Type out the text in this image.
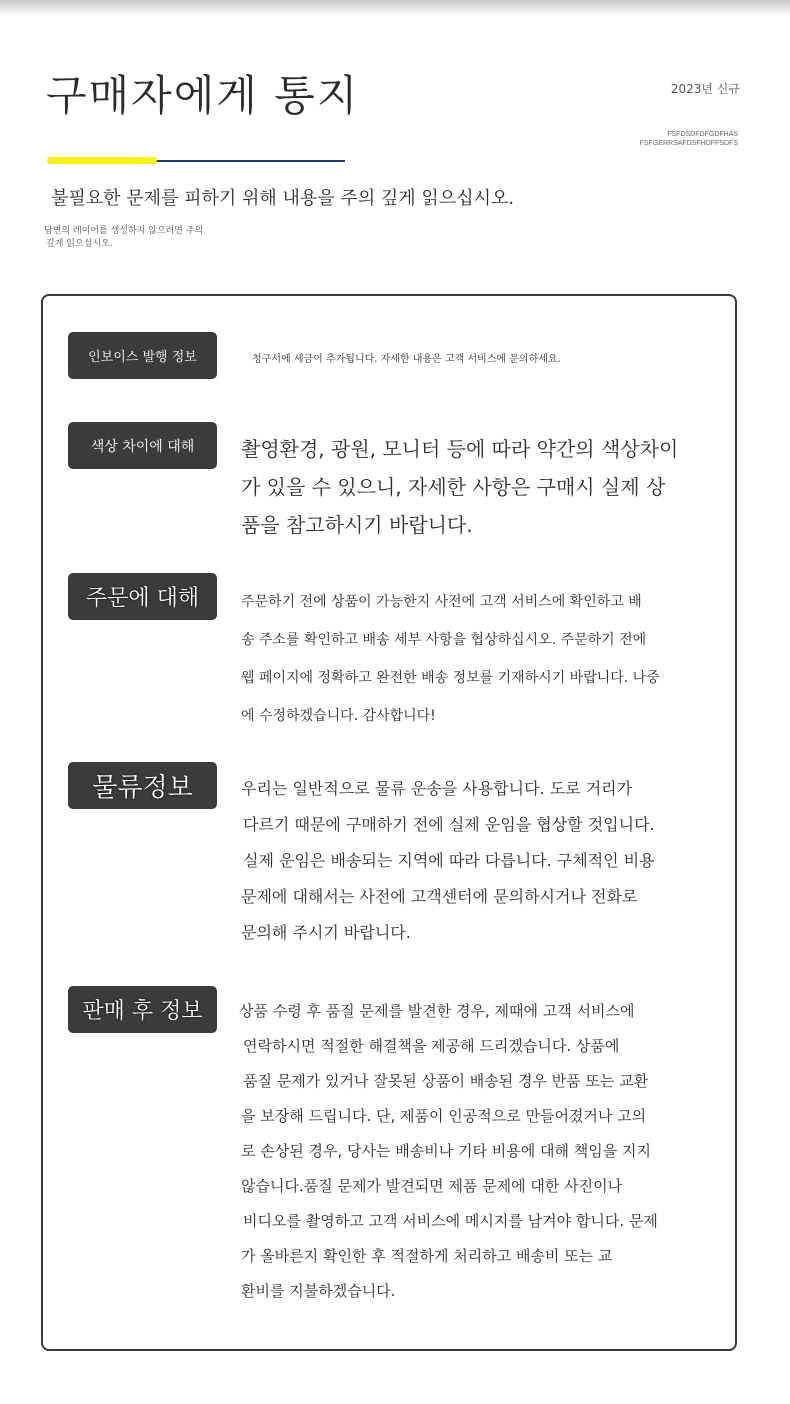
구매자에게 통지	2023년 신규
FSFDSDFDFGDFHAS
FSFGERRSAFDSFHDFFSDFS
불필요한 문제를 피하기 위해 내용을 주의 깊게 읽으십시오.
답변의 레이어를 생성하지 않으려면 주의
깊게 읽으십시오.
인보이스 발행 정보	청구서에 세금이 추가됩니다. 자세한 내용은 고객 서비스에 문의하세요.
색상 차이에 대해	촬영환경, 광원, 모니터 등에 따라 약간의 색상차이
가 있을 수 있으니, 자세한 사항은 구매시 실제 상
품을 참고하시기 바랍니다.
주문에 대해	주문하기 전에 상품이 가능한지 사전에 고객 서비스에 확인하고 배
송 주소를 확인하고 배송 세부 사항을 협상하십시오. 주문하기 전에
웹 페이지에 정확하고 완전한 배송 정보를 기재하시기 바랍니다. 나중
에 수정하겠습니다. 감사합니다!
물류정보	우리는 일반적으로 물류 운송을 사용합니다. 도로 거리가
다르기 때문에 구매하기 전에 실제 운임을 협상할 것입니다.
실제 운임은 배송되는 지역에 따라 다릅니다. 구체적인 비용
문제에 대해서는 사전에 고객센터에 문의하시거나 전화로
문의해 주시기 바랍니다.
판매 후 정보	상품 수령 후 품질 문제를 발견한 경우, 제때에 고객 서비스에
연락하시면 적절한 해결책을 제공해 드리겠습니다. 상품에
품질 문제가 있거나 잘못된 상품이 배송된 경우 반품 또는 교환
을 보장해 드립니다. 단, 제품이 인공적으로 만들어졌거나 고의
로 손상된 경우, 당사는 배송비나 기타 비용에 대해 책임을 지지
않습니다.품질 문제가 발견되면 제품 문제에 대한 사진이나
비디오를 촬영하고 고객 서비스에 메시지를 남겨야 합니다. 문제
가 올바른지 확인한 후 적절하게 처리하고 배송비 또는 교
환비를 지불하겠습니다.
